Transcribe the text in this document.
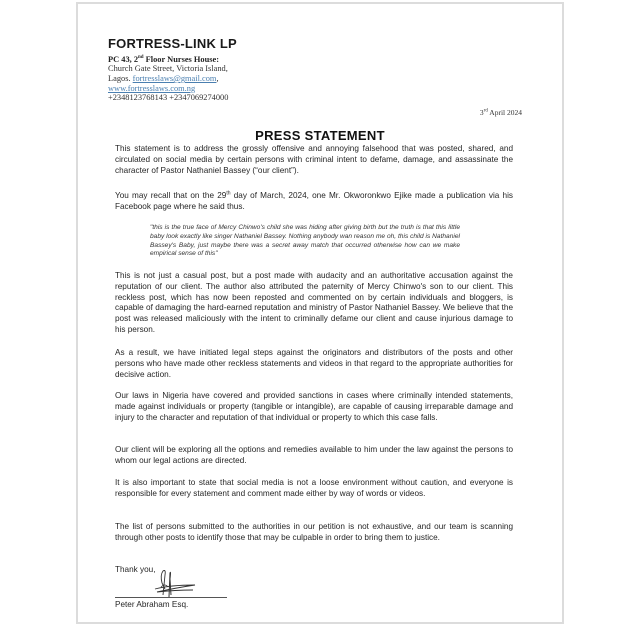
FORTRESS-LINK LP
PC 43, 2nd Floor Nurses House:
Church Gate Street, Victoria Island,
Lagos. fortresslaws@gmail.com,
www.fortresslaws.com.ng
+2348123768143 +2347069274000
3rd April 2024
PRESS STATEMENT
This statement is to address the grossly offensive and annoying falsehood that was posted, shared, and circulated on social media by certain persons with criminal intent to defame, damage, and assassinate the character of Pastor Nathaniel Bassey (“our client”).
You may recall that on the 29th day of March, 2024, one Mr. Okworonkwo Ejike made a publication via his Facebook page where he said thus.
"this is the true face of Mercy Chinwo's child she was hiding after giving birth but the truth is that this little baby look exactly like singer Nathaniel Bassey. Nothing anybody wan reason me oh, this child is Nathaniel Bassey's Baby, just maybe there was a secret away match that occurred otherwise how can we make empirical sense of this"
This is not just a casual post, but a post made with audacity and an authoritative accusation against the reputation of our client. The author also attributed the paternity of Mercy Chinwo's son to our client. This reckless post, which has now been reposted and commented on by certain individuals and bloggers, is capable of damaging the hard-earned reputation and ministry of Pastor Nathaniel Bassey. We believe that the post was released maliciously with the intent to criminally defame our client and cause injurious damage to his person.
As a result, we have initiated legal steps against the originators and distributors of the posts and other persons who have made other reckless statements and videos in that regard to the appropriate authorities for decisive action.
Our laws in Nigeria have covered and provided sanctions in cases where criminally intended statements, made against individuals or property (tangible or intangible), are capable of causing irreparable damage and injury to the character and reputation of that individual or property to which this case falls.
Our client will be exploring all the options and remedies available to him under the law against the persons to whom our legal actions are directed.
It is also important to state that social media is not a loose environment without caution, and everyone is responsible for every statement and comment made either by way of words or videos.
The list of persons submitted to the authorities in our petition is not exhaustive, and our team is scanning through other posts to identify those that may be culpable in order to bring them to justice.
Thank you,
Peter Abraham Esq.
